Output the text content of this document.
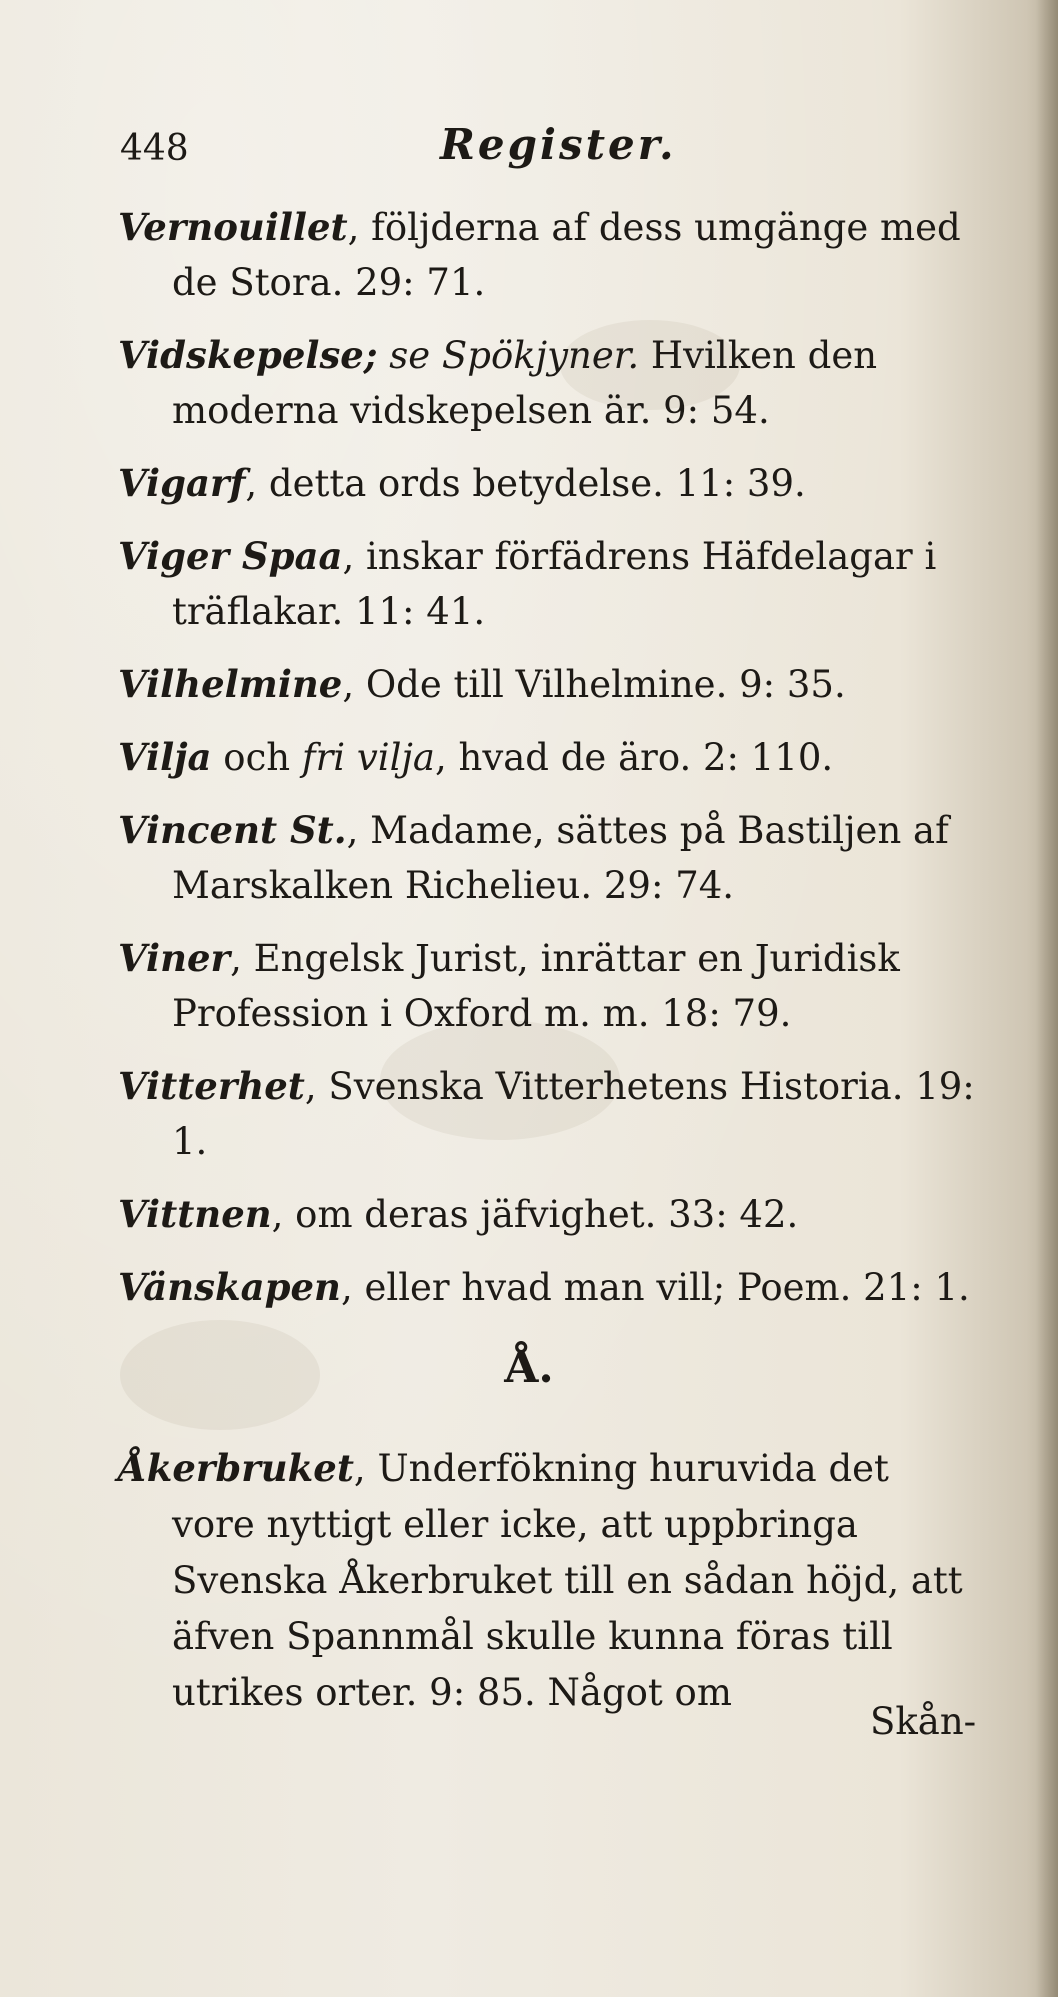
448	Register.

Vernouillet, följderna af dess umgänge med de Stora. 29: 71.

Vidskepelse; se Spökjyner. Hvilken den moderna vidskepelsen är. 9: 54.

Vigarf, detta ords betydelse. 11: 39.

Viger Spaa, inskar förfädrens Häfdelagar i träflakar. 11: 41.

Vilhelmine, Ode till Vilhelmine. 9: 35.

Vilja och fri vilja, hvad de äro. 2: 110.

Vincent St., Madame, sättes på Bastiljen af Marskalken Richelieu. 29: 74.

Viner, Engelsk Jurist, inrättar en Juridisk Profession i Oxford m. m. 18: 79.

Vitterhet, Svenska Vitterhetens Historia. 19: 1.

Vittnen, om deras jäfvighet. 33: 42.

Vänskapen, eller hvad man vill; Poem. 21: 1.

Å.

Åkerbruket, Underfökning huruvida det vore nyttigt eller icke, att uppbringa Svenska Åkerbruket till en sådan höjd, att äfven Spannmål skulle kunna föras till utrikes orter. 9: 85. Något om

Skån-
